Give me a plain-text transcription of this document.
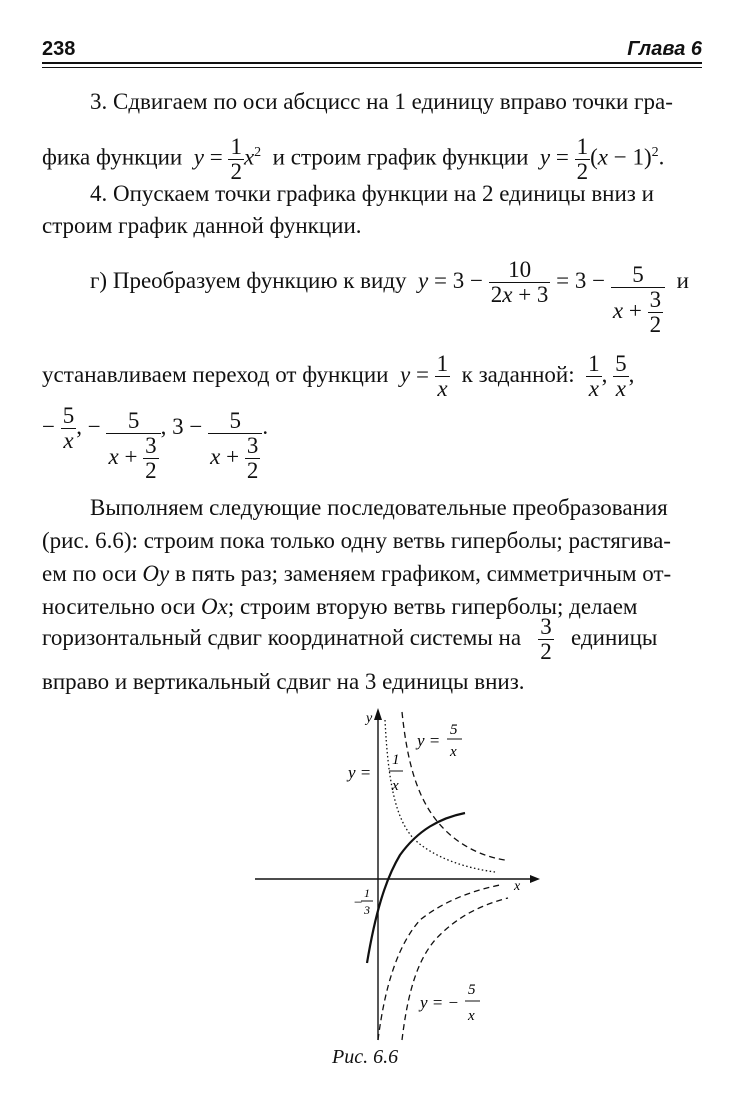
238	Глава 6
3. Сдвигаем по оси абсцисс на 1 единицу вправо точки гра-
фика функции $y = \frac{1}{2} x^2$ и строим график функции $y = \frac{1}{2} (x - 1)^2$.
4. Опускаем точки графика функции на 2 единицы вниз и
строим график данной функции.
г) Преобразуем функцию к виду $y = 3 - \frac{10}{2x + 3} = 3 - \frac{5}{x + \frac{3}{2}}$ и
устанавливаем переход от функции $y = \frac{1}{x}$ к заданной: $\frac{1}{x}$ , $\frac{5}{x}$ ,
− $\frac{5}{x}$ , − $\frac{5}{x + \frac{3}{2}}$ , $3 - \frac{5}{x + \frac{3}{2}}$ .
Выполняем следующие последовательные преобразования
(рис. 6.6): строим пока только одну ветвь гиперболы; растягива-
ем по оси Oy в пять раз; заменяем графиком, симметричным от-
носительно оси Ox; строим вторую ветвь гиперболы; делаем
горизонтальный сдвиг координатной системы на $\frac{3}{2}$ единицы
вправо и вертикальный сдвиг на 3 единицы вниз.
y
x
y =
5
x
y =
1
x
−
1
3
y = −
5
x
Рис. 6.6
